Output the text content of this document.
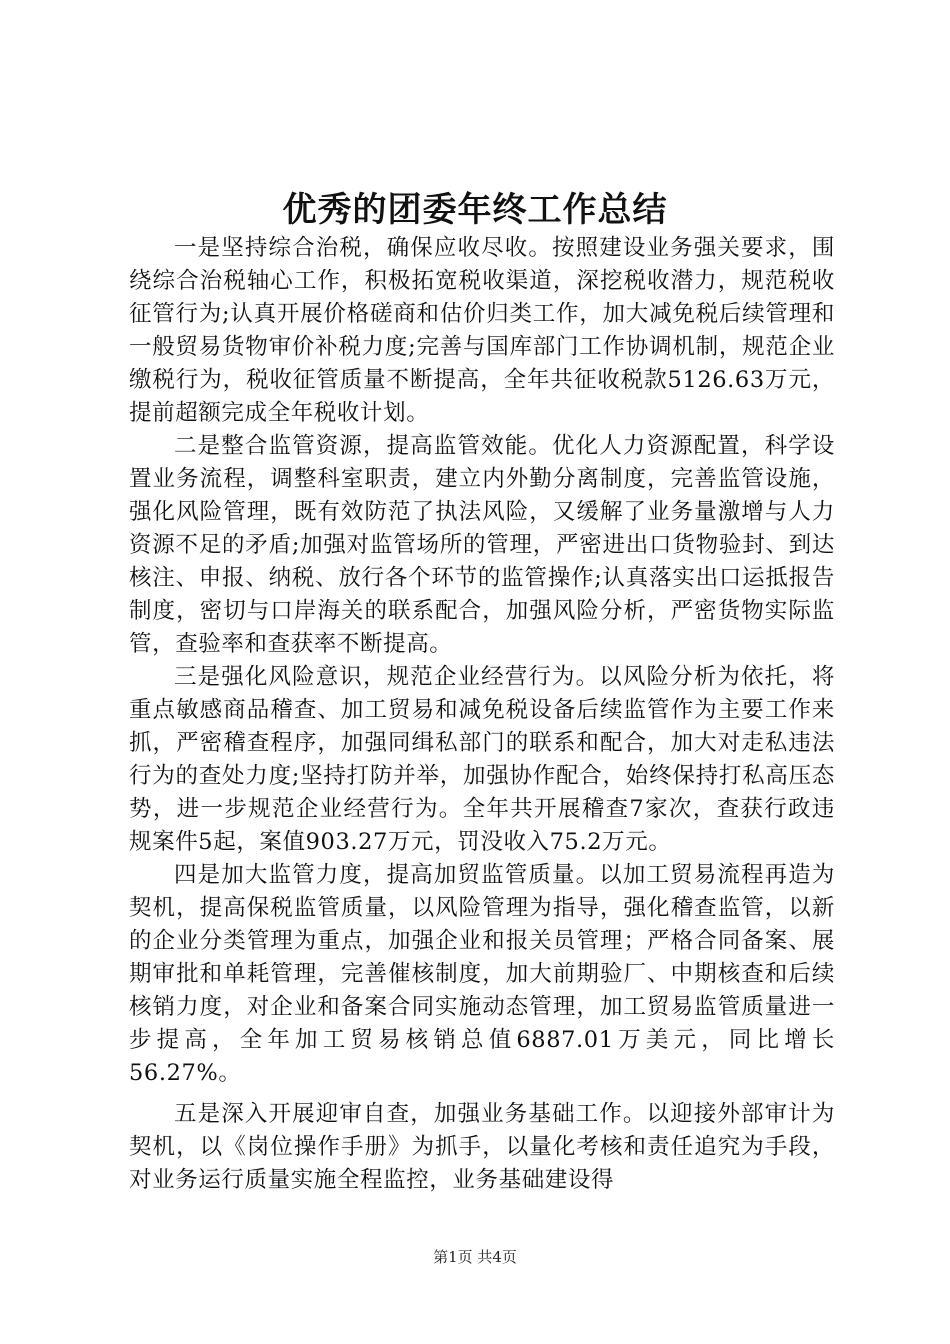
优秀的团委年终工作总结

一是坚持综合治税，确保应收尽收。按照建设业务强关要求，围绕综合治税轴心工作，积极拓宽税收渠道，深挖税收潜力，规范税收征管行为;认真开展价格磋商和估价归类工作，加大减免税后续管理和一般贸易货物审价补税力度;完善与国库部门工作协调机制，规范企业缴税行为，税收征管质量不断提高，全年共征收税款5126.63万元，提前超额完成全年税收计划。

二是整合监管资源，提高监管效能。优化人力资源配置，科学设置业务流程，调整科室职责，建立内外勤分离制度，完善监管设施，强化风险管理，既有效防范了执法风险，又缓解了业务量激增与人力资源不足的矛盾;加强对监管场所的管理，严密进出口货物验封、到达核注、申报、纳税、放行各个环节的监管操作;认真落实出口运抵报告制度，密切与口岸海关的联系配合，加强风险分析，严密货物实际监管，查验率和查获率不断提高。

三是强化风险意识，规范企业经营行为。以风险分析为依托，将重点敏感商品稽查、加工贸易和减免税设备后续监管作为主要工作来抓，严密稽查程序，加强同缉私部门的联系和配合，加大对走私违法行为的查处力度;坚持打防并举，加强协作配合，始终保持打私高压态势，进一步规范企业经营行为。全年共开展稽查7家次，查获行政违规案件5起，案值903.27万元，罚没收入75.2万元。

四是加大监管力度，提高加贸监管质量。以加工贸易流程再造为契机，提高保税监管质量，以风险管理为指导，强化稽查监管，以新的企业分类管理为重点，加强企业和报关员管理；严格合同备案、展期审批和单耗管理，完善催核制度，加大前期验厂、中期核查和后续核销力度，对企业和备案合同实施动态管理，加工贸易监管质量进一步提高，全年加工贸易核销总值6887.01万美元，同比增长56.27%。

五是深入开展迎审自查，加强业务基础工作。以迎接外部审计为契机，以《岗位操作手册》为抓手，以量化考核和责任追究为手段，对业务运行质量实施全程监控，业务基础建设得

第1页 共4页
